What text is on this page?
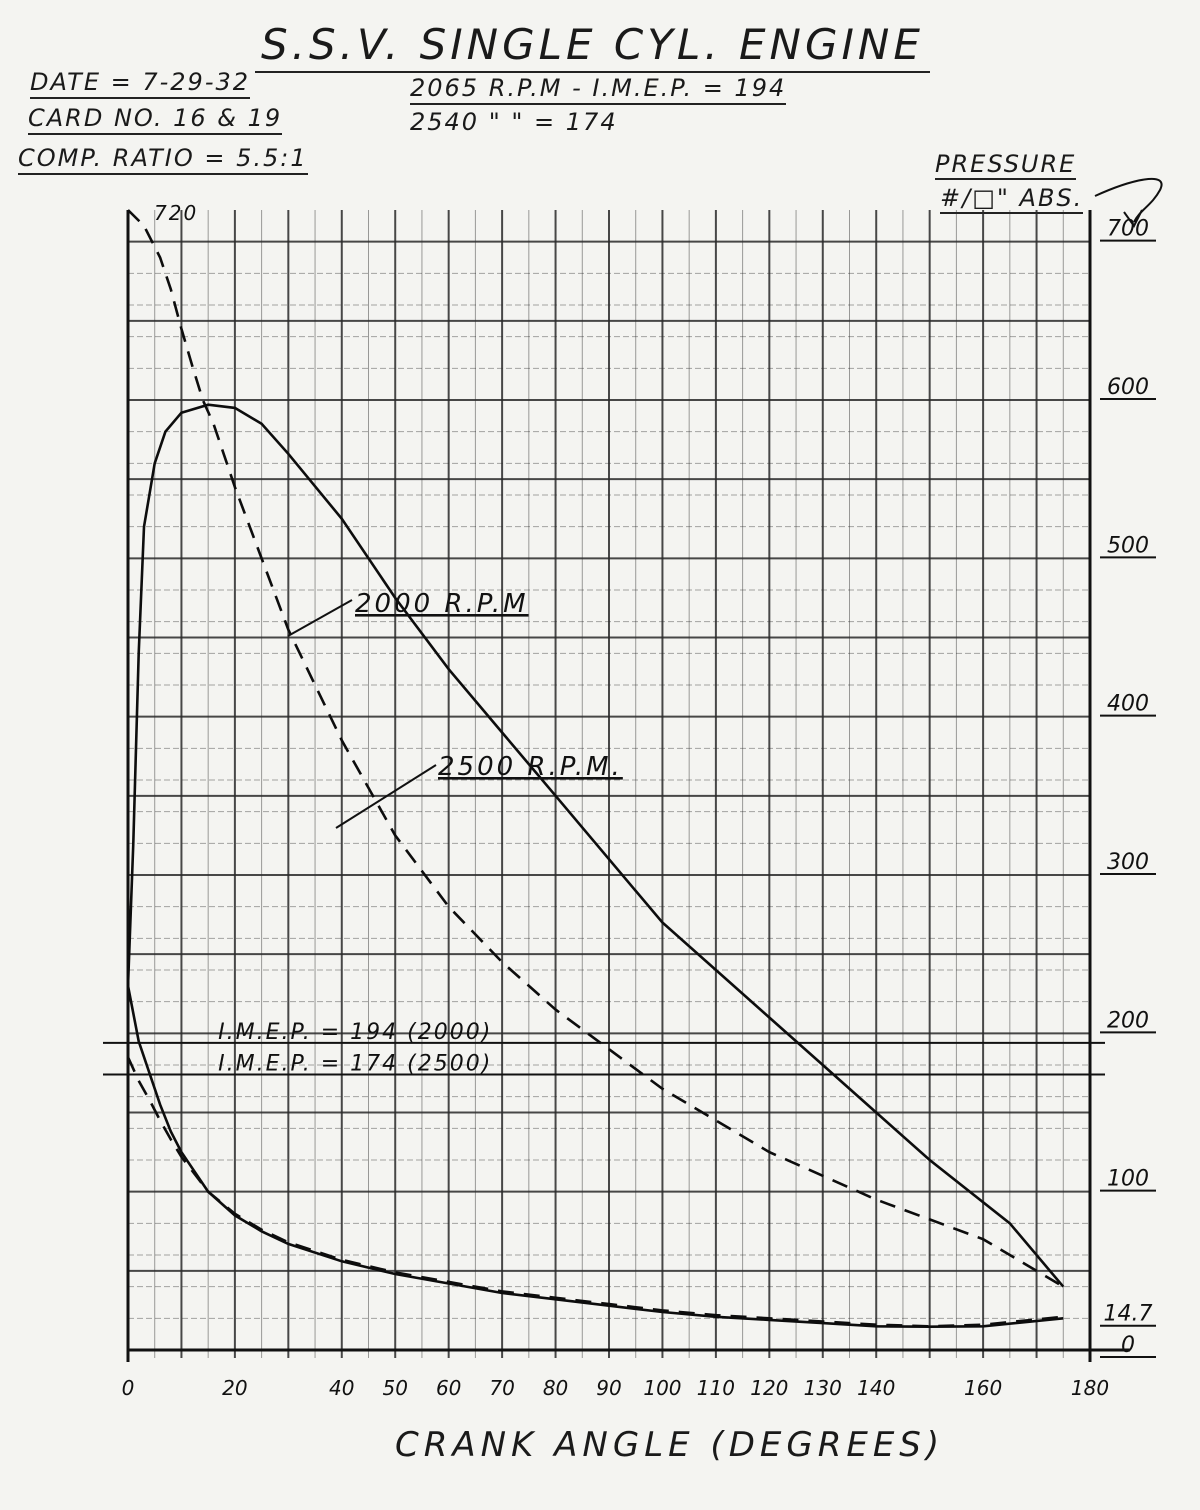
S.S.V. SINGLE CYL. ENGINE
DATE = 7-29-32
CARD NO. 16 & 19
COMP. RATIO = 5.5:1
2065 R.P.M - I.M.E.P. = 194
2540 " " = 174
PRESSURE
#/□" ABS.
CRANK ANGLE (DEGREES)
0	20	40 50 60 70 80 90 100 110 120 130 140	160	180
0
14.7
100
200
300
400
500
600
700
720
I.M.E.P. = 194 (2000)
I.M.E.P. = 174 (2500)
2000 R.P.M
2500 R.P.M.
